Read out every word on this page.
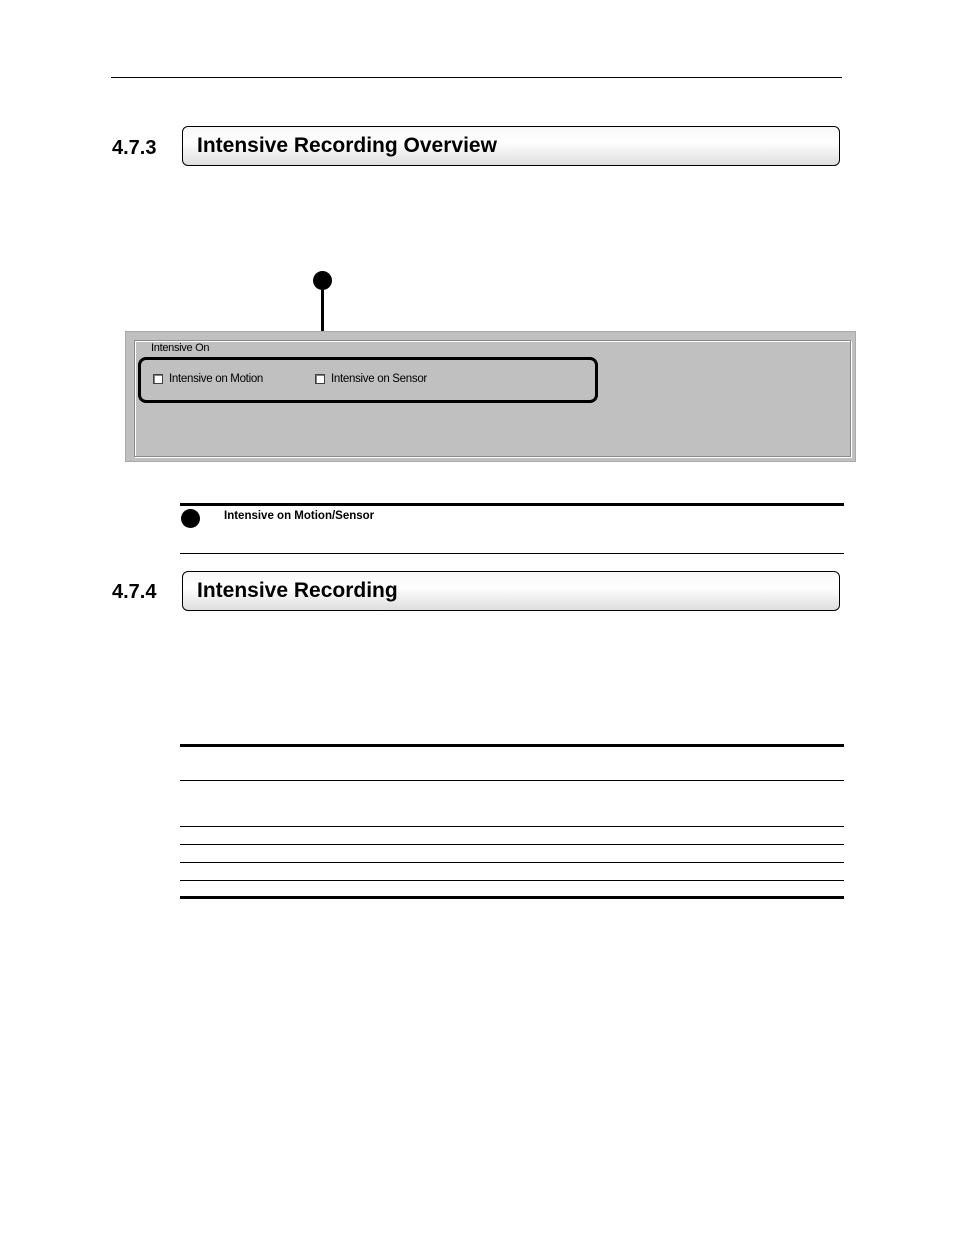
4.7.3 Intensive Recording Overview
Intensive On
Intensive on Motion	Intensive on Sensor
Intensive on Motion/Sensor
4.7.4 Intensive Recording
